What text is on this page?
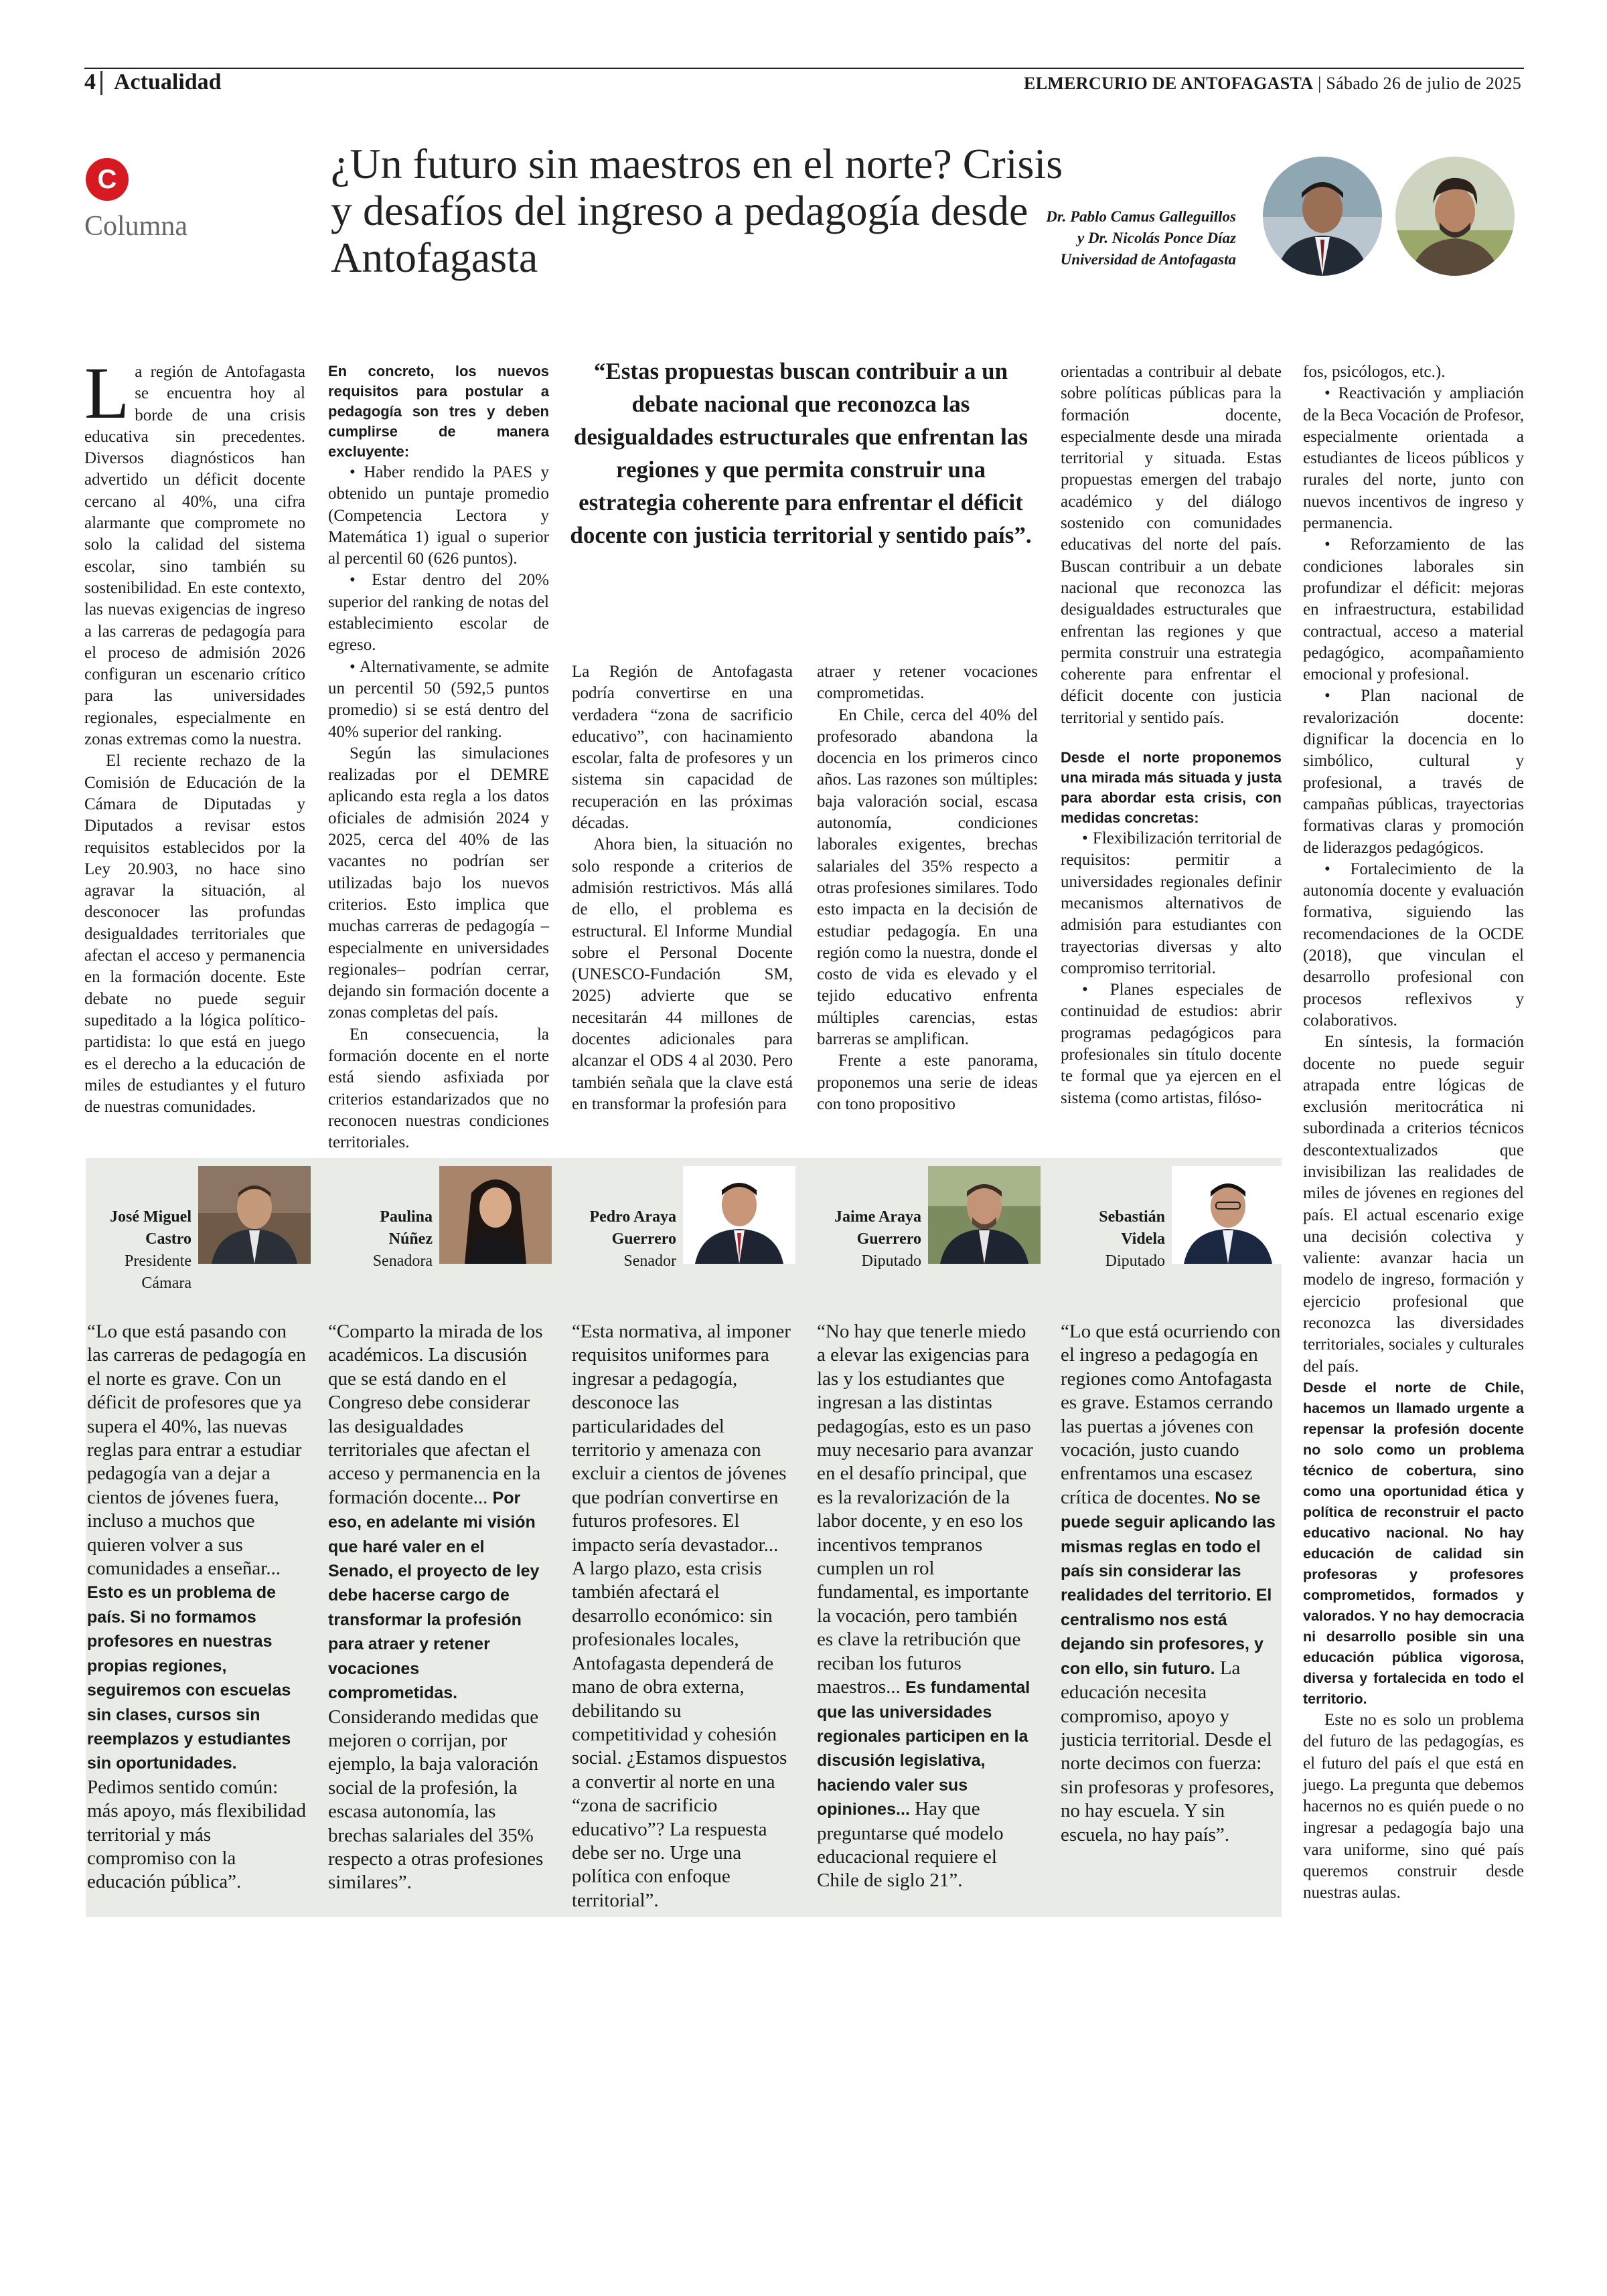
4 Actualidad	ELMERCURIO DE ANTOFAGASTA | Sábado 26 de julio de 2025
C
Columna
¿Un futuro sin maestros en el norte? Crisis y desafíos del ingreso a pedagogía desde Antofagasta
Dr. Pablo Camus Galleguillos
y Dr. Nicolás Ponce Díaz
Universidad de Antofagasta

La región de Antofagasta se encuentra hoy al borde de una crisis educativa sin precedentes. Diversos diagnósticos han advertido un déficit docente cercano al 40%, una cifra alarmante que compromete no solo la calidad del sistema escolar, sino también su sostenibilidad. En este contexto, las nuevas exigencias de ingreso a las carreras de pedagogía para el proceso de admisión 2026 configuran un escenario crítico para las universidades regionales, especialmente en zonas extremas como la nuestra.

El reciente rechazo de la Comisión de Educación de la Cámara de Diputadas y Diputados a revisar estos requisitos establecidos por la Ley 20.903, no hace sino agravar la situación, al desconocer las profundas desigualdades territoriales que afectan el acceso y permanencia en la formación docente. Este debate no puede seguir supeditado a la lógica político-partidista: lo que está en juego es el derecho a la educación de miles de estudiantes y el futuro de nuestras comunidades.

En concreto, los nuevos requisitos para postular a pedagogía son tres y deben cumplirse de manera excluyente:

• Haber rendido la PAES y obtenido un puntaje promedio (Competencia Lectora y Matemática 1) igual o superior al percentil 60 (626 puntos).

• Estar dentro del 20% superior del ranking de notas del establecimiento escolar de egreso.

• Alternativamente, se admite un percentil 50 (592,5 puntos promedio) si se está dentro del 40% superior del ranking.

Según las simulaciones realizadas por el DEMRE aplicando esta regla a los datos oficiales de admisión 2024 y 2025, cerca del 40% de las vacantes no podrían ser utilizadas bajo los nuevos criterios. Esto implica que muchas carreras de pedagogía –especialmente en universidades regionales– podrían cerrar, dejando sin formación docente a zonas completas del país.

En consecuencia, la formación docente en el norte está siendo asfixiada por criterios estandarizados que no reconocen nuestras condiciones territoriales.

“Estas propuestas buscan contribuir a un debate nacional que reconozca las desigualdades estructurales que enfrentan las regiones y que permita construir una estrategia coherente para enfrentar el déficit docente con justicia territorial y sentido país”.

La Región de Antofagasta podría convertirse en una verdadera “zona de sacrificio educativo”, con hacinamiento escolar, falta de profesores y un sistema sin capacidad de recuperación en las próximas décadas.

Ahora bien, la situación no solo responde a criterios de admisión restrictivos. Más allá de ello, el problema es estructural. El Informe Mundial sobre el Personal Docente (UNESCO-Fundación SM, 2025) advierte que se necesitarán 44 millones de docentes adicionales para alcanzar el ODS 4 al 2030. Pero también señala que la clave está en transformar la profesión para

atraer y retener vocaciones comprometidas.

En Chile, cerca del 40% del profesorado abandona la docencia en los primeros cinco años. Las razones son múltiples: baja valoración social, escasa autonomía, condiciones laborales exigentes, brechas salariales del 35% respecto a otras profesiones similares. Todo esto impacta en la decisión de estudiar pedagogía. En una región como la nuestra, donde el costo de vida es elevado y el tejido educativo enfrenta múltiples carencias, estas barreras se amplifican.

Frente a este panorama, proponemos una serie de ideas con tono propositivo

orientadas a contribuir al debate sobre políticas públicas para la formación docente, especialmente desde una mirada territorial y situada. Estas propuestas emergen del trabajo académico y del diálogo sostenido con comunidades educativas del norte del país. Buscan contribuir a un debate nacional que reconozca las desigualdades estructurales que enfrentan las regiones y que permita construir una estrategia coherente para enfrentar el déficit docente con justicia territorial y sentido país.

Desde el norte proponemos una mirada más situada y justa para abordar esta crisis, con medidas concretas:

• Flexibilización territorial de requisitos: permitir a universidades regionales definir mecanismos alternativos de admisión para estudiantes con trayectorias diversas y alto compromiso territorial.

• Planes especiales de continuidad de estudios: abrir programas pedagógicos para profesionales sin título docente te formal que ya ejercen en el sistema (como artistas, filóso-

fos, psicólogos, etc.).

• Reactivación y ampliación de la Beca Vocación de Profesor, especialmente orientada a estudiantes de liceos públicos y rurales del norte, junto con nuevos incentivos de ingreso y permanencia.

• Reforzamiento de las condiciones laborales sin profundizar el déficit: mejoras en infraestructura, estabilidad contractual, acceso a material pedagógico, acompañamiento emocional y profesional.

• Plan nacional de revalorización docente: dignificar la docencia en lo simbólico, cultural y profesional, a través de campañas públicas, trayectorias formativas claras y promoción de liderazgos pedagógicos.

• Fortalecimiento de la autonomía docente y evaluación formativa, siguiendo las recomendaciones de la OCDE (2018), que vinculan el desarrollo profesional con procesos reflexivos y colaborativos.

En síntesis, la formación docente no puede seguir atrapada entre lógicas de exclusión meritocrática ni subordinada a criterios técnicos descontextualizados que invisibilizan las realidades de miles de jóvenes en regiones del país. El actual escenario exige una decisión colectiva y valiente: avanzar hacia un modelo de ingreso, formación y ejercicio profesional que reconozca las diversidades territoriales, sociales y culturales del país.

Desde el norte de Chile, hacemos un llamado urgente a repensar la profesión docente no solo como un problema técnico de cobertura, sino como una oportunidad ética y política de reconstruir el pacto educativo nacional. No hay educación de calidad sin profesoras y profesores comprometidos, formados y valorados. Y no hay democracia ni desarrollo posible sin una educación pública vigorosa, diversa y fortalecida en todo el territorio.

Este no es solo un problema del futuro de las pedagogías, es el futuro del país el que está en juego. La pregunta que debemos hacernos no es quién puede o no ingresar a pedagogía bajo una vara uniforme, sino qué país queremos construir desde nuestras aulas.

José Miguel
Castro
Presidente
Cámara
“Lo que está pasando con las carreras de pedagogía en el norte es grave. Con un déficit de profesores que ya supera el 40%, las nuevas reglas para entrar a estudiar pedagogía van a dejar a cientos de jóvenes fuera, incluso a muchos que quieren volver a sus comunidades a enseñar... Esto es un problema de país. Si no formamos profesores en nuestras propias regiones, seguiremos con escuelas sin clases, cursos sin reemplazos y estudiantes sin oportunidades. Pedimos sentido común: más apoyo, más flexibilidad territorial y más compromiso con la educación pública”.
Paulina
Núñez
Senadora
“Comparto la mirada de los académicos. La discusión que se está dando en el Congreso debe considerar las desigualdades territoriales que afectan el acceso y permanencia en la formación docente... Por eso, en adelante mi visión que haré valer en el Senado, el proyecto de ley debe hacerse cargo de transformar la profesión para atraer y retener vocaciones comprometidas. Considerando medidas que mejoren o corrijan, por ejemplo, la baja valoración social de la profesión, la escasa autonomía, las brechas salariales del 35% respecto a otras profesiones similares”.
Pedro Araya
Guerrero
Senador
“Esta normativa, al imponer requisitos uniformes para ingresar a pedagogía, desconoce las particularidades del territorio y amenaza con excluir a cientos de jóvenes que podrían convertirse en futuros profesores. El impacto sería devastador... A largo plazo, esta crisis también afectará el desarrollo económico: sin profesionales locales, Antofagasta dependerá de mano de obra externa, debilitando su competitividad y cohesión social. ¿Estamos dispuestos a convertir al norte en una “zona de sacrificio educativo”? La respuesta debe ser no. Urge una política con enfoque territorial”.
Jaime Araya
Guerrero
Diputado
“No hay que tenerle miedo a elevar las exigencias para las y los estudiantes que ingresan a las distintas pedagogías, esto es un paso muy necesario para avanzar en el desafío principal, que es la revalorización de la labor docente, y en eso los incentivos tempranos cumplen un rol fundamental, es importante la vocación, pero también es clave la retribución que reciban los futuros maestros... Es fundamental que las universidades regionales participen en la discusión legislativa, haciendo valer sus opiniones... Hay que preguntarse qué modelo educacional requiere el Chile de siglo 21”.
Sebastián
Videla
Diputado
“Lo que está ocurriendo con el ingreso a pedagogía en regiones como Antofagasta es grave. Estamos cerrando las puertas a jóvenes con vocación, justo cuando enfrentamos una escasez crítica de docentes. No se puede seguir aplicando las mismas reglas en todo el país sin considerar las realidades del territorio. El centralismo nos está dejando sin profesores, y con ello, sin futuro. La educación necesita compromiso, apoyo y justicia territorial. Desde el norte decimos con fuerza: sin profesoras y profesores, no hay escuela. Y sin escuela, no hay país”.
